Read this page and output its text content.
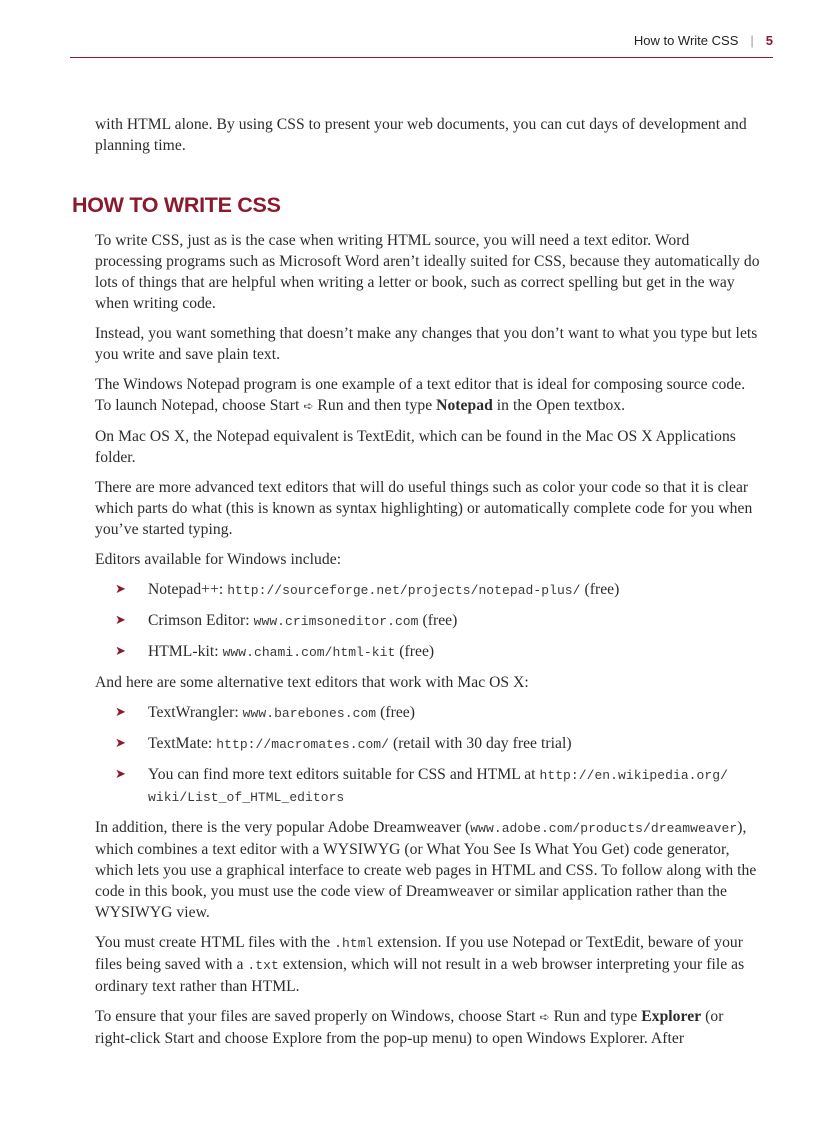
How to Write CSS | 5

with HTML alone. By using CSS to present your web documents, you can cut days of development and planning time.

HOW TO WRITE CSS

To write CSS, just as is the case when writing HTML source, you will need a text editor. Word processing programs such as Microsoft Word aren’t ideally suited for CSS, because they automatically do lots of things that are helpful when writing a letter or book, such as correct spelling but get in the way when writing code.

Instead, you want something that doesn’t make any changes that you don’t want to what you type but lets you write and save plain text.

The Windows Notepad program is one example of a text editor that is ideal for composing source code. To launch Notepad, choose Start ➪ Run and then type Notepad in the Open textbox.

On Mac OS X, the Notepad equivalent is TextEdit, which can be found in the Mac OS X Applications folder.

There are more advanced text editors that will do useful things such as color your code so that it is clear which parts do what (this is known as syntax highlighting) or automatically complete code for you when you’ve started typing.

Editors available for Windows include:

➤ Notepad++: http://sourceforge.net/projects/notepad-plus/ (free)
➤ Crimson Editor: www.crimsoneditor.com (free)
➤ HTML-kit: www.chami.com/html-kit (free)

And here are some alternative text editors that work with Mac OS X:

➤ TextWrangler: www.barebones.com (free)
➤ TextMate: http://macromates.com/ (retail with 30 day free trial)
➤ You can find more text editors suitable for CSS and HTML at http://en.wikipedia.org/ wiki/List_of_HTML_editors

In addition, there is the very popular Adobe Dreamweaver (www.adobe.com/products/dreamweaver), which combines a text editor with a WYSIWYG (or What You See Is What You Get) code generator, which lets you use a graphical interface to create web pages in HTML and CSS. To follow along with the code in this book, you must use the code view of Dreamweaver or similar application rather than the WYSIWYG view.

You must create HTML files with the .html extension. If you use Notepad or TextEdit, beware of your files being saved with a .txt extension, which will not result in a web browser interpreting your file as ordinary text rather than HTML.

To ensure that your files are saved properly on Windows, choose Start ➪ Run and type Explorer (or right-click Start and choose Explore from the pop-up menu) to open Windows Explorer. After
